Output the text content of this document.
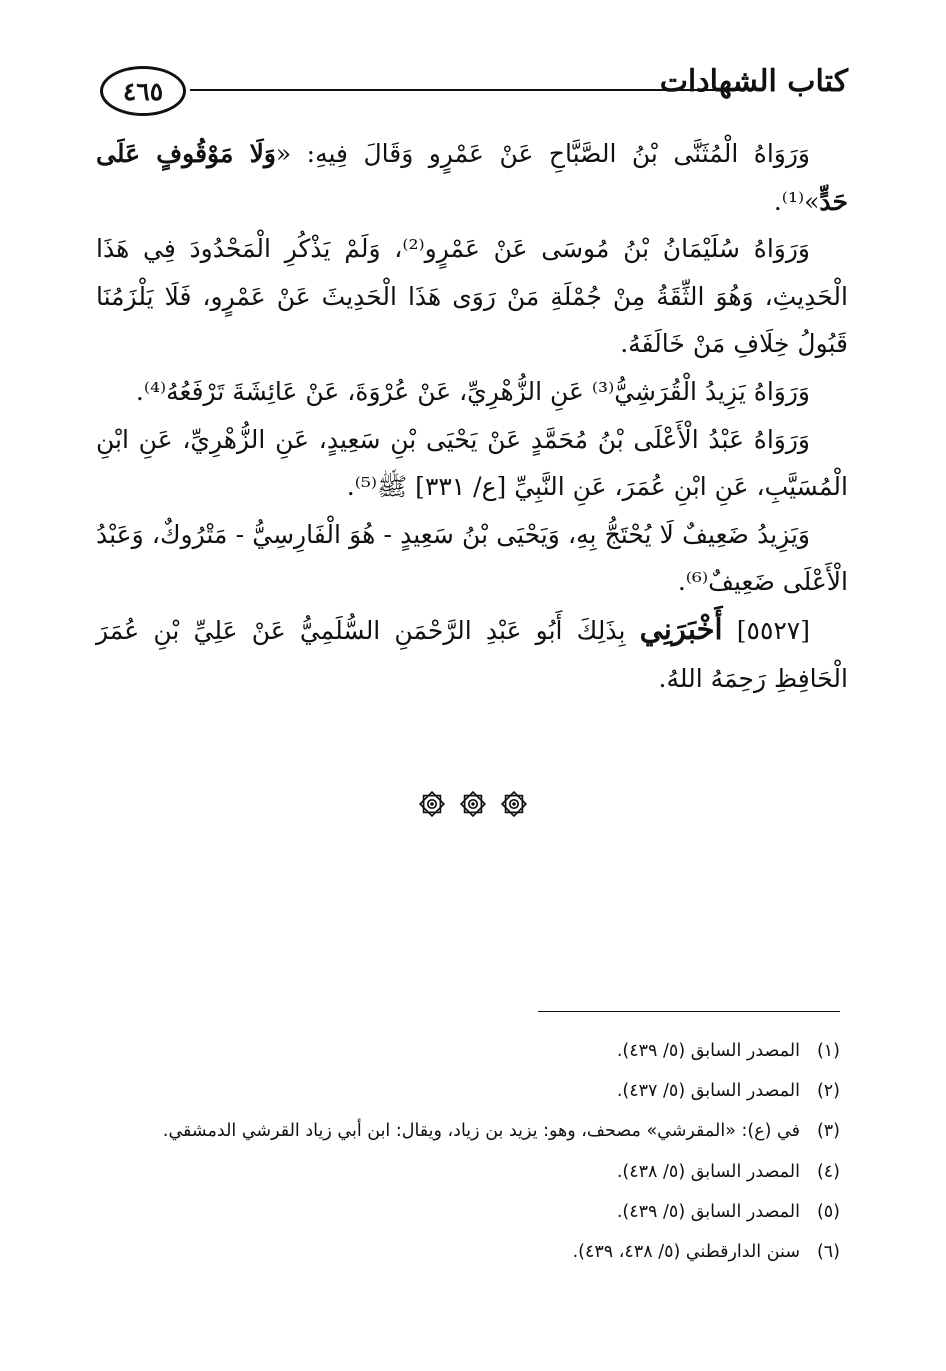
كتاب الشهادات
٤٦٥

وَرَوَاهُ الْمُثَنَّى بْنُ الصَّبَّاحِ عَنْ عَمْرٍو وَقَالَ فِيهِ: «وَلَا مَوْقُوفٍ عَلَى حَدٍّ»⁽¹⁾.

وَرَوَاهُ سُلَيْمَانُ بْنُ مُوسَى عَنْ عَمْرٍو⁽²⁾، وَلَمْ يَذْكُرِ الْمَحْدُودَ فِي هَذَا الْحَدِيثِ، وَهُوَ الثِّقَةُ مِنْ جُمْلَةِ مَنْ رَوَى هَذَا الْحَدِيثَ عَنْ عَمْرٍو، فَلَا يَلْزَمُنَا قَبُولُ خِلَافِ مَنْ خَالَفَهُ.

وَرَوَاهُ يَزِيدُ الْقُرَشِيُّ⁽³⁾ عَنِ الزُّهْرِيِّ، عَنْ عُرْوَةَ، عَنْ عَائِشَةَ تَرْفَعُهُ⁽⁴⁾.

وَرَوَاهُ عَبْدُ الْأَعْلَى بْنُ مُحَمَّدٍ عَنْ يَحْيَى بْنِ سَعِيدٍ، عَنِ الزُّهْرِيِّ، عَنِ ابْنِ الْمُسَيَّبِ، عَنِ ابْنِ عُمَرَ، عَنِ النَّبِيِّ [ع/ ٣٣١] ﷺ⁽⁵⁾.

وَيَزِيدُ ضَعِيفٌ لَا يُحْتَجُّ بِهِ، وَيَحْيَى بْنُ سَعِيدٍ - هُوَ الْفَارِسِيُّ - مَتْرُوكٌ، وَعَبْدُ الْأَعْلَى ضَعِيفٌ⁽⁶⁾.

[٥٥٢٧] أَخْبَرَنِي بِذَلِكَ أَبُو عَبْدِ الرَّحْمَنِ السُّلَمِيُّ عَنْ عَلِيِّ بْنِ عُمَرَ الْحَافِظِ رَحِمَهُ اللهُ.

(١)المصدر السابق (٥/ ٤٣٩).
(٢)المصدر السابق (٥/ ٤٣٧).
(٣)في (ع): «المقرشي» مصحف، وهو: يزيد بن زياد، ويقال: ابن أبي زياد القرشي الدمشقي.
(٤)المصدر السابق (٥/ ٤٣٨).
(٥)المصدر السابق (٥/ ٤٣٩).
(٦)سنن الدارقطني (٥/ ٤٣٨، ٤٣٩).
